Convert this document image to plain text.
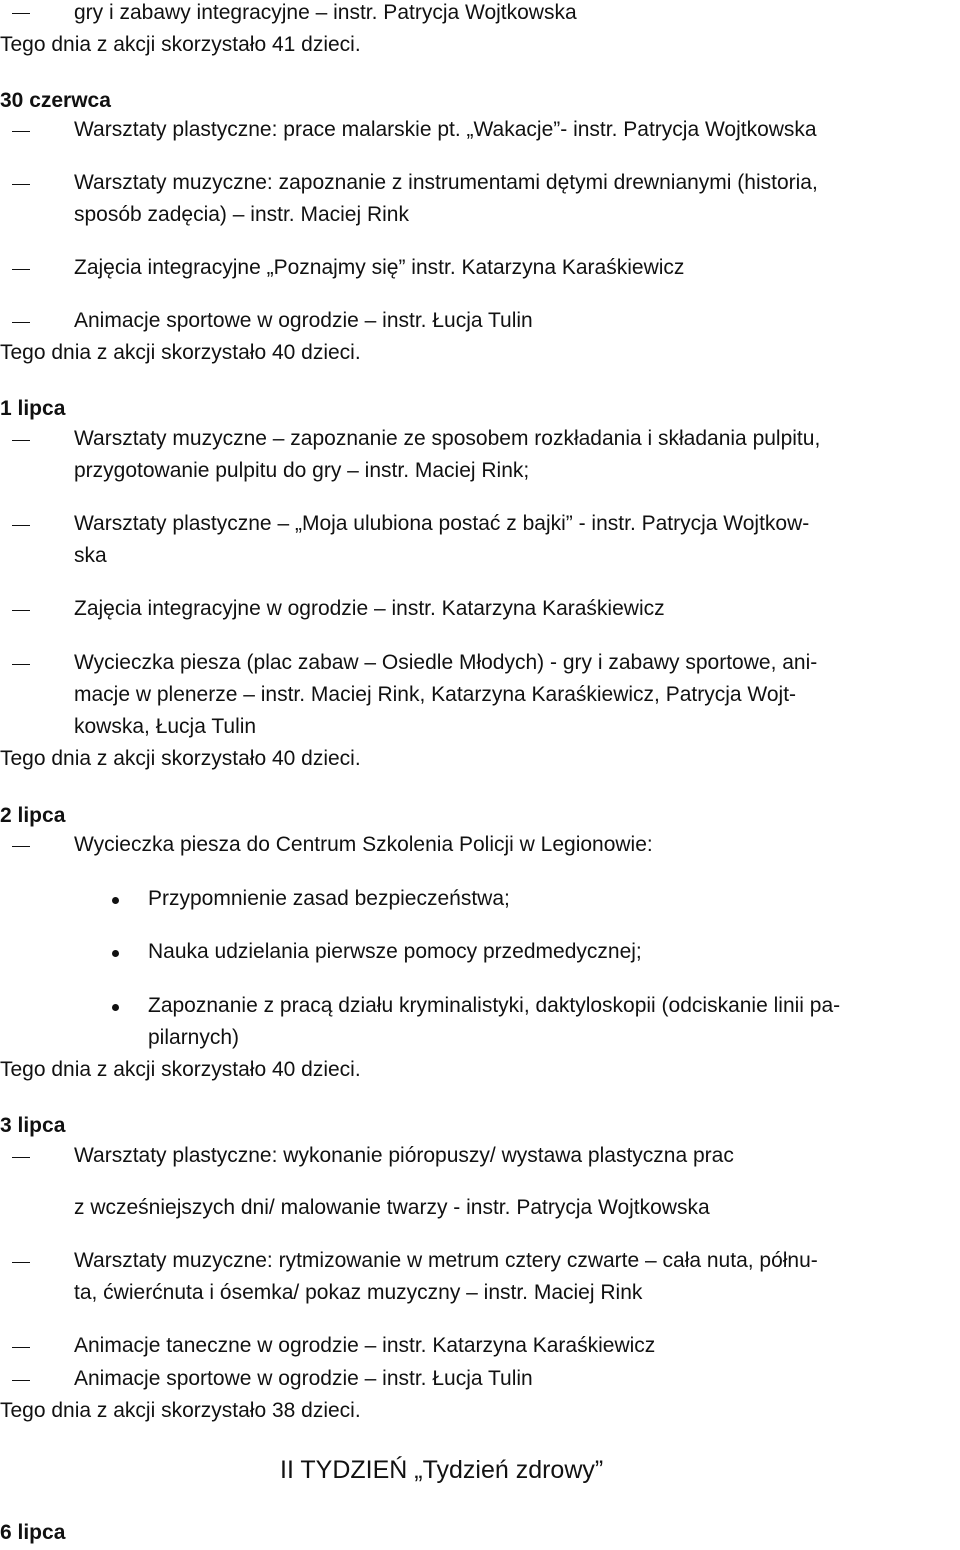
gry i zabawy integracyjne – instr. Patrycja Wojtkowska
Tego dnia z akcji skorzystało 41 dzieci.
30 czerwca
Warsztaty plastyczne: prace malarskie pt. „Wakacje”- instr. Patrycja Wojtkowska
Warsztaty muzyczne: zapoznanie z instrumentami dętymi drewnianymi (historia,
sposób zadęcia) – instr. Maciej Rink
Zajęcia integracyjne „Poznajmy się” instr. Katarzyna Karaśkiewicz
Animacje sportowe w ogrodzie – instr. Łucja Tulin
Tego dnia z akcji skorzystało 40 dzieci.
1 lipca
Warsztaty muzyczne – zapoznanie ze sposobem rozkładania i składania pulpitu,
przygotowanie pulpitu do gry – instr. Maciej Rink;
Warsztaty plastyczne – „Moja ulubiona postać z bajki” - instr. Patrycja Wojtkow-
ska
Zajęcia integracyjne w ogrodzie – instr. Katarzyna Karaśkiewicz
Wycieczka piesza (plac zabaw – Osiedle Młodych) - gry i zabawy sportowe, ani-
macje w plenerze – instr. Maciej Rink, Katarzyna Karaśkiewicz, Patrycja Wojt-
kowska, Łucja Tulin
Tego dnia z akcji skorzystało 40 dzieci.
2 lipca
Wycieczka piesza do Centrum Szkolenia Policji w Legionowie:
Przypomnienie zasad bezpieczeństwa;
Nauka udzielania pierwsze pomocy przedmedycznej;
Zapoznanie z pracą działu kryminalistyki, daktyloskopii (odciskanie linii pa-
pilarnych)
Tego dnia z akcji skorzystało 40 dzieci.
3 lipca
Warsztaty plastyczne: wykonanie pióropuszy/ wystawa plastyczna prac
z wcześniejszych dni/ malowanie twarzy - instr. Patrycja Wojtkowska
Warsztaty muzyczne: rytmizowanie w metrum cztery czwarte – cała nuta, półnu-
ta, ćwierćnuta i ósemka/ pokaz muzyczny – instr. Maciej Rink
Animacje taneczne w ogrodzie – instr. Katarzyna Karaśkiewicz
Animacje sportowe w ogrodzie – instr. Łucja Tulin
Tego dnia z akcji skorzystało 38 dzieci.
II TYDZIEŃ „Tydzień zdrowy”
6 lipca
